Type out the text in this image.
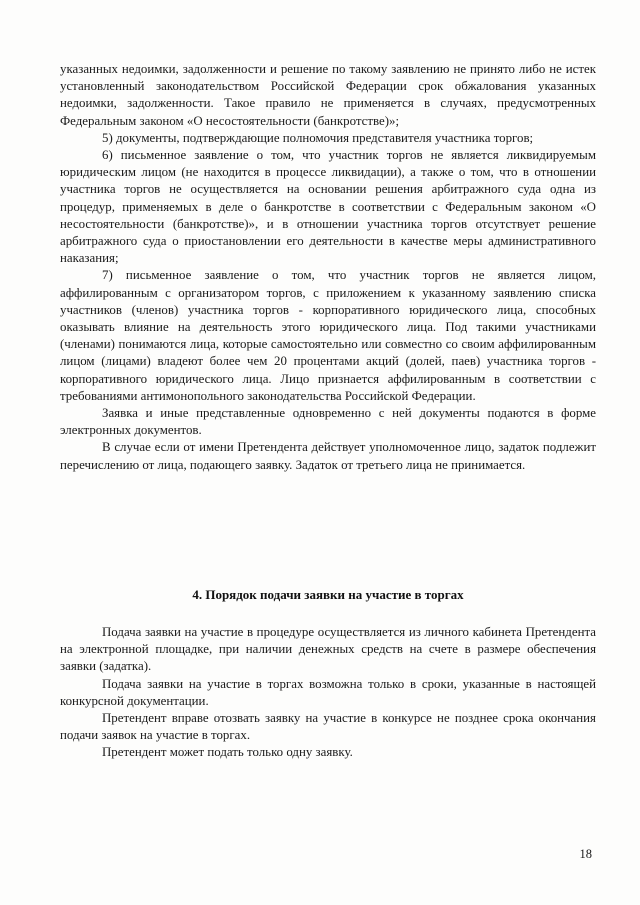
указанных недоимки, задолженности и решение по такому заявлению не принято либо не истек установленный законодательством Российской Федерации срок обжалования указанных недоимки, задолженности. Такое правило не применяется в случаях, предусмотренных Федеральным законом «О несостоятельности (банкротстве)»;

5) документы, подтверждающие полномочия представителя участника торгов;

6) письменное заявление о том, что участник торгов не является ликвидируемым юридическим лицом (не находится в процессе ликвидации), а также о том, что в отношении участника торгов не осуществляется на основании решения арбитражного суда одна из процедур, применяемых в деле о банкротстве в соответствии с Федеральным законом «О несостоятельности (банкротстве)», и в отношении участника торгов отсутствует решение арбитражного суда о приостановлении его деятельности в качестве меры административного наказания;

7) письменное заявление о том, что участник торгов не является лицом, аффилированным с организатором торгов, с приложением к указанному заявлению списка участников (членов) участника торгов - корпоративного юридического лица, способных оказывать влияние на деятельность этого юридического лица. Под такими участниками (членами) понимаются лица, которые самостоятельно или совместно со своим аффилированным лицом (лицами) владеют более чем 20 процентами акций (долей, паев) участника торгов - корпоративного юридического лица. Лицо признается аффилированным в соответствии с требованиями антимонопольного законодательства Российской Федерации.

Заявка и иные представленные одновременно с ней документы подаются в форме электронных документов.

В случае если от имени Претендента действует уполномоченное лицо, задаток подлежит перечислению от лица, подающего заявку. Задаток от третьего лица не принимается.

4. Порядок подачи заявки на участие в торгах

Подача заявки на участие в процедуре осуществляется из личного кабинета Претендента на электронной площадке, при наличии денежных средств на счете в размере обеспечения заявки (задатка).

Подача заявки на участие в торгах возможна только в сроки, указанные в настоящей конкурсной документации.

Претендент вправе отозвать заявку на участие в конкурсе не позднее срока окончания подачи заявок на участие в торгах.

Претендент может подать только одну заявку.

18
